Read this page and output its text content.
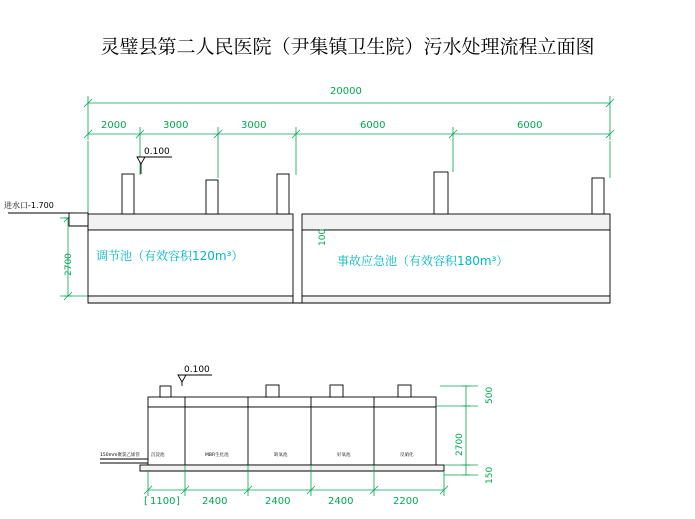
灵璧县第二人民医院（尹集镇卫生院）污水处理流程立面图
20000
2000	3000	3000	6000	6000
0.100
进水口-1.700
2700
100
调节池（有效容积120m³）	事故应急池（有效容积180m³）
0.100
150mm聚氯乙烯管 沉淀池	MBR生化池	缺氧池	好氧池	反硝化
1100	2400	2400	2400	2200
500
2700
150
[	]
